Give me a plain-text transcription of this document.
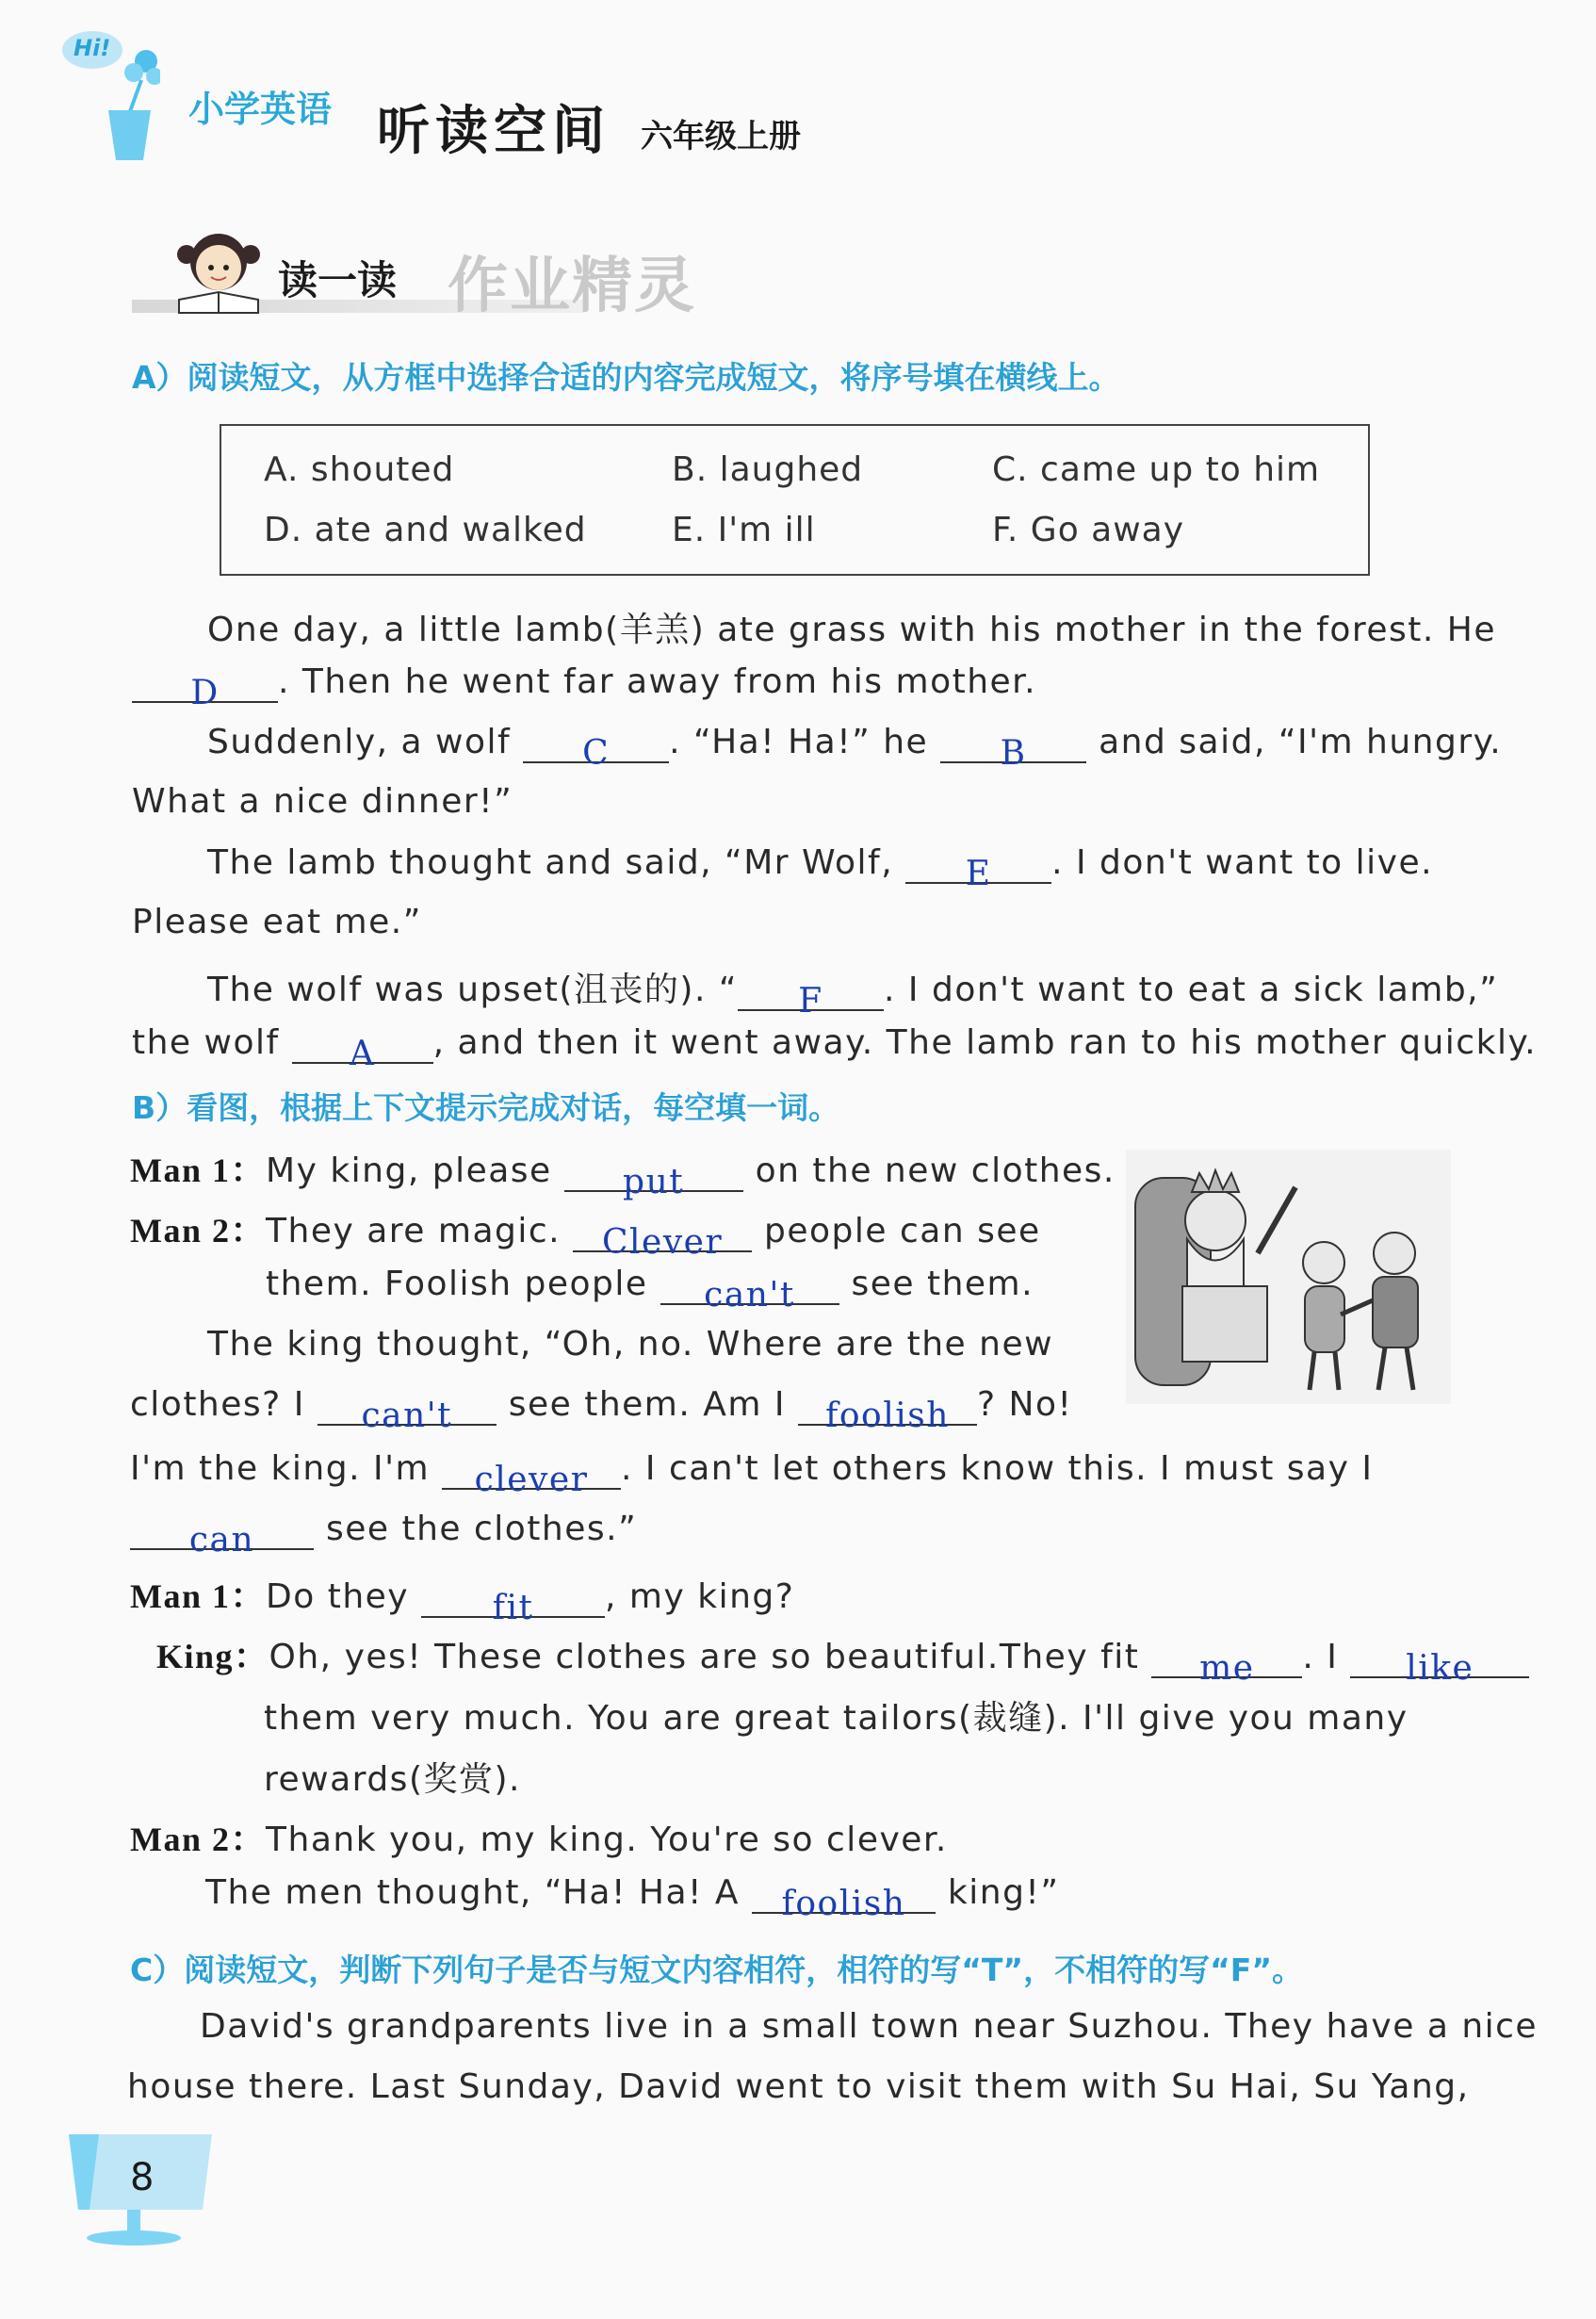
Hi!
小学英语 听读空间 六年级上册
读一读 作业精灵
A）阅读短文，从方框中选择合适的内容完成短文，将序号填在横线上。
A. shouted	B. laughed	C. came up to him
D. ate and walked	E. I'm ill	F. Go away
One day, a little lamb(羊羔) ate grass with his mother in the forest. He
D . Then he went far away from his mother.
Suddenly, a wolf C . “Ha! Ha!” he B and said, “I'm hungry.
What a nice dinner!”
The lamb thought and said, “Mr Wolf, E . I don't want to live.
Please eat me.”
The wolf was upset(沮丧的). “ F . I don't want to eat a sick lamb,”
the wolf A , and then it went away. The lamb ran to his mother quickly.
B）看图，根据上下文提示完成对话，每空填一词。
Man 1：My king, please put on the new clothes.
Man 2：They are magic. Clever people can see
them. Foolish people can't see them.
The king thought, “Oh, no. Where are the new
clothes? I can't see them. Am I foolish ? No!
I'm the king. I'm clever . I can't let others know this. I must say I
can see the clothes.”
Man 1：Do they fit , my king?
King：Oh, yes! These clothes are so beautiful.They fit me . I like
them very much. You are great tailors(裁缝). I'll give you many
rewards(奖赏).
Man 2：Thank you, my king. You're so clever.
The men thought, “Ha! Ha! A foolish king!”
C）阅读短文，判断下列句子是否与短文内容相符，相符的写“T”，不相符的写“F”。
David's grandparents live in a small town near Suzhou. They have a nice
house there. Last Sunday, David went to visit them with Su Hai, Su Yang,
8
